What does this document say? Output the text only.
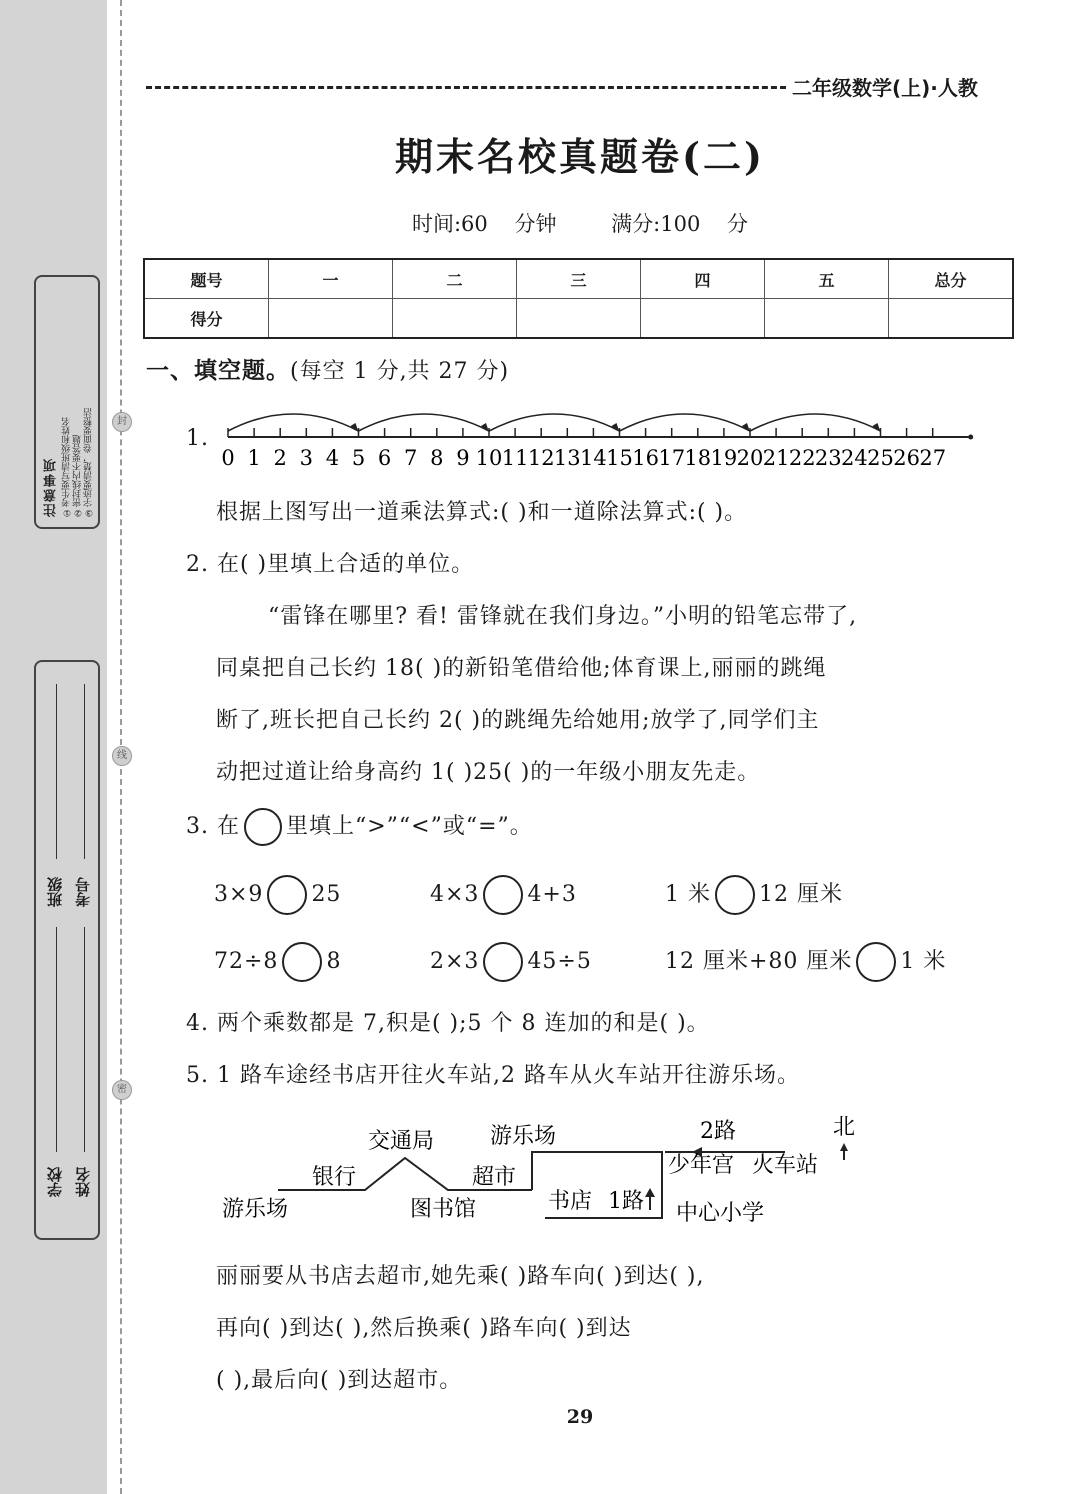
注意事项 ①考生要写清班级和姓名 ②密封线内不要答题 ③字迹要清楚，卷面要整洁
班级 考号
学校 姓名
封
线
密
二年级数学(上)·人教
期末名校真题卷(二)
时间:60 分钟	满分:100 分
题号	一	二	三	四	五	总分
得分						
一、填空题。(每空 1 分,共 27 分)
1.
0 1 2 3 4 5 6 7 8 9 10 11 12 13 14 15 16 17 18 19 20 21 22 23 24 25 26 27
根据上图写出一道乘法算式:( )和一道除法算式:( )。
2. 在( )里填上合适的单位。
“雷锋在哪里? 看! 雷锋就在我们身边。”小明的铅笔忘带了,
同桌把自己长约 18( )的新铅笔借给他;体育课上,丽丽的跳绳
断了,班长把自己长约 2( )的跳绳先给她用;放学了,同学们主
动把过道让给身高约 1( )25( )的一年级小朋友先走。
3. 在 里填上“>”“<”或“=”。
3×9 25	4×3 4+3	1 米 12 厘米
72÷8 8	2×3 45÷5	12 厘米+80 厘米 1 米
4. 两个乘数都是 7,积是( );5 个 8 连加的和是( )。
5. 1 路车途经书店开往火车站,2 路车从火车站开往游乐场。
游乐场
银行
交通局
图书馆
超市
游乐场
书店 1路
2路
少年宫 火车站
中心小学
北
丽丽要从书店去超市,她先乘( )路车向( )到达( ),
再向( )到达( ),然后换乘( )路车向( )到达
( ),最后向( )到达超市。
29
